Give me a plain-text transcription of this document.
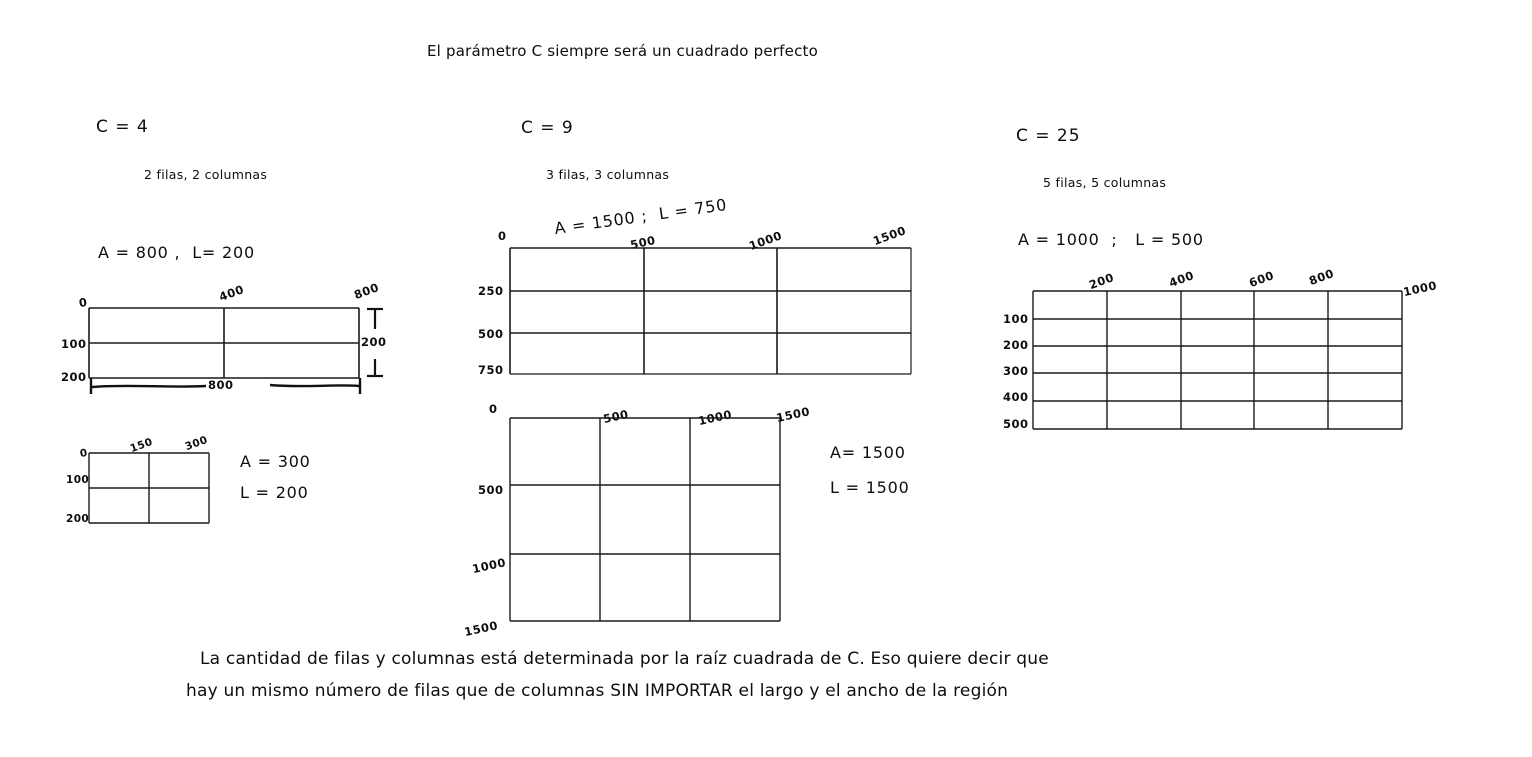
El parámetro C siempre será un cuadrado perfecto
C = 4
2 filas, 2 columnas
A = 800 ,  L= 200
0	400	800
100
200
800
200
0	150	300
100
200
A = 300
L = 200
C = 9
3 filas, 3 columnas
A = 1500 ;  L = 750
0	500	1000	1500
250
500
750
0	500	1000	1500
500
1000
1500
A= 1500
L = 1500
C = 25
5 filas, 5 columnas
A = 1000  ;   L = 500
200	400	600	800
1000
100
200
300
400
500
La cantidad de filas y columnas está determinada por la raíz cuadrada de C. Eso quiere decir que
hay un mismo número de filas que de columnas SIN IMPORTAR el largo y el ancho de la región
